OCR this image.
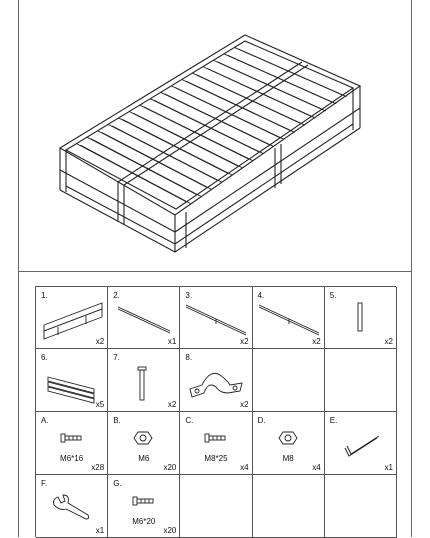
1.
x2
2.
x1
3.
x2
4.
x2
5.
x2
6.
x5
7.
x2
8.
x2
A.
M6*16
x28
B.
M6
x20
C.
M8*25
x4
D.
M8
x4
E.
x1
F.
x1
G.
M6*20
x20
